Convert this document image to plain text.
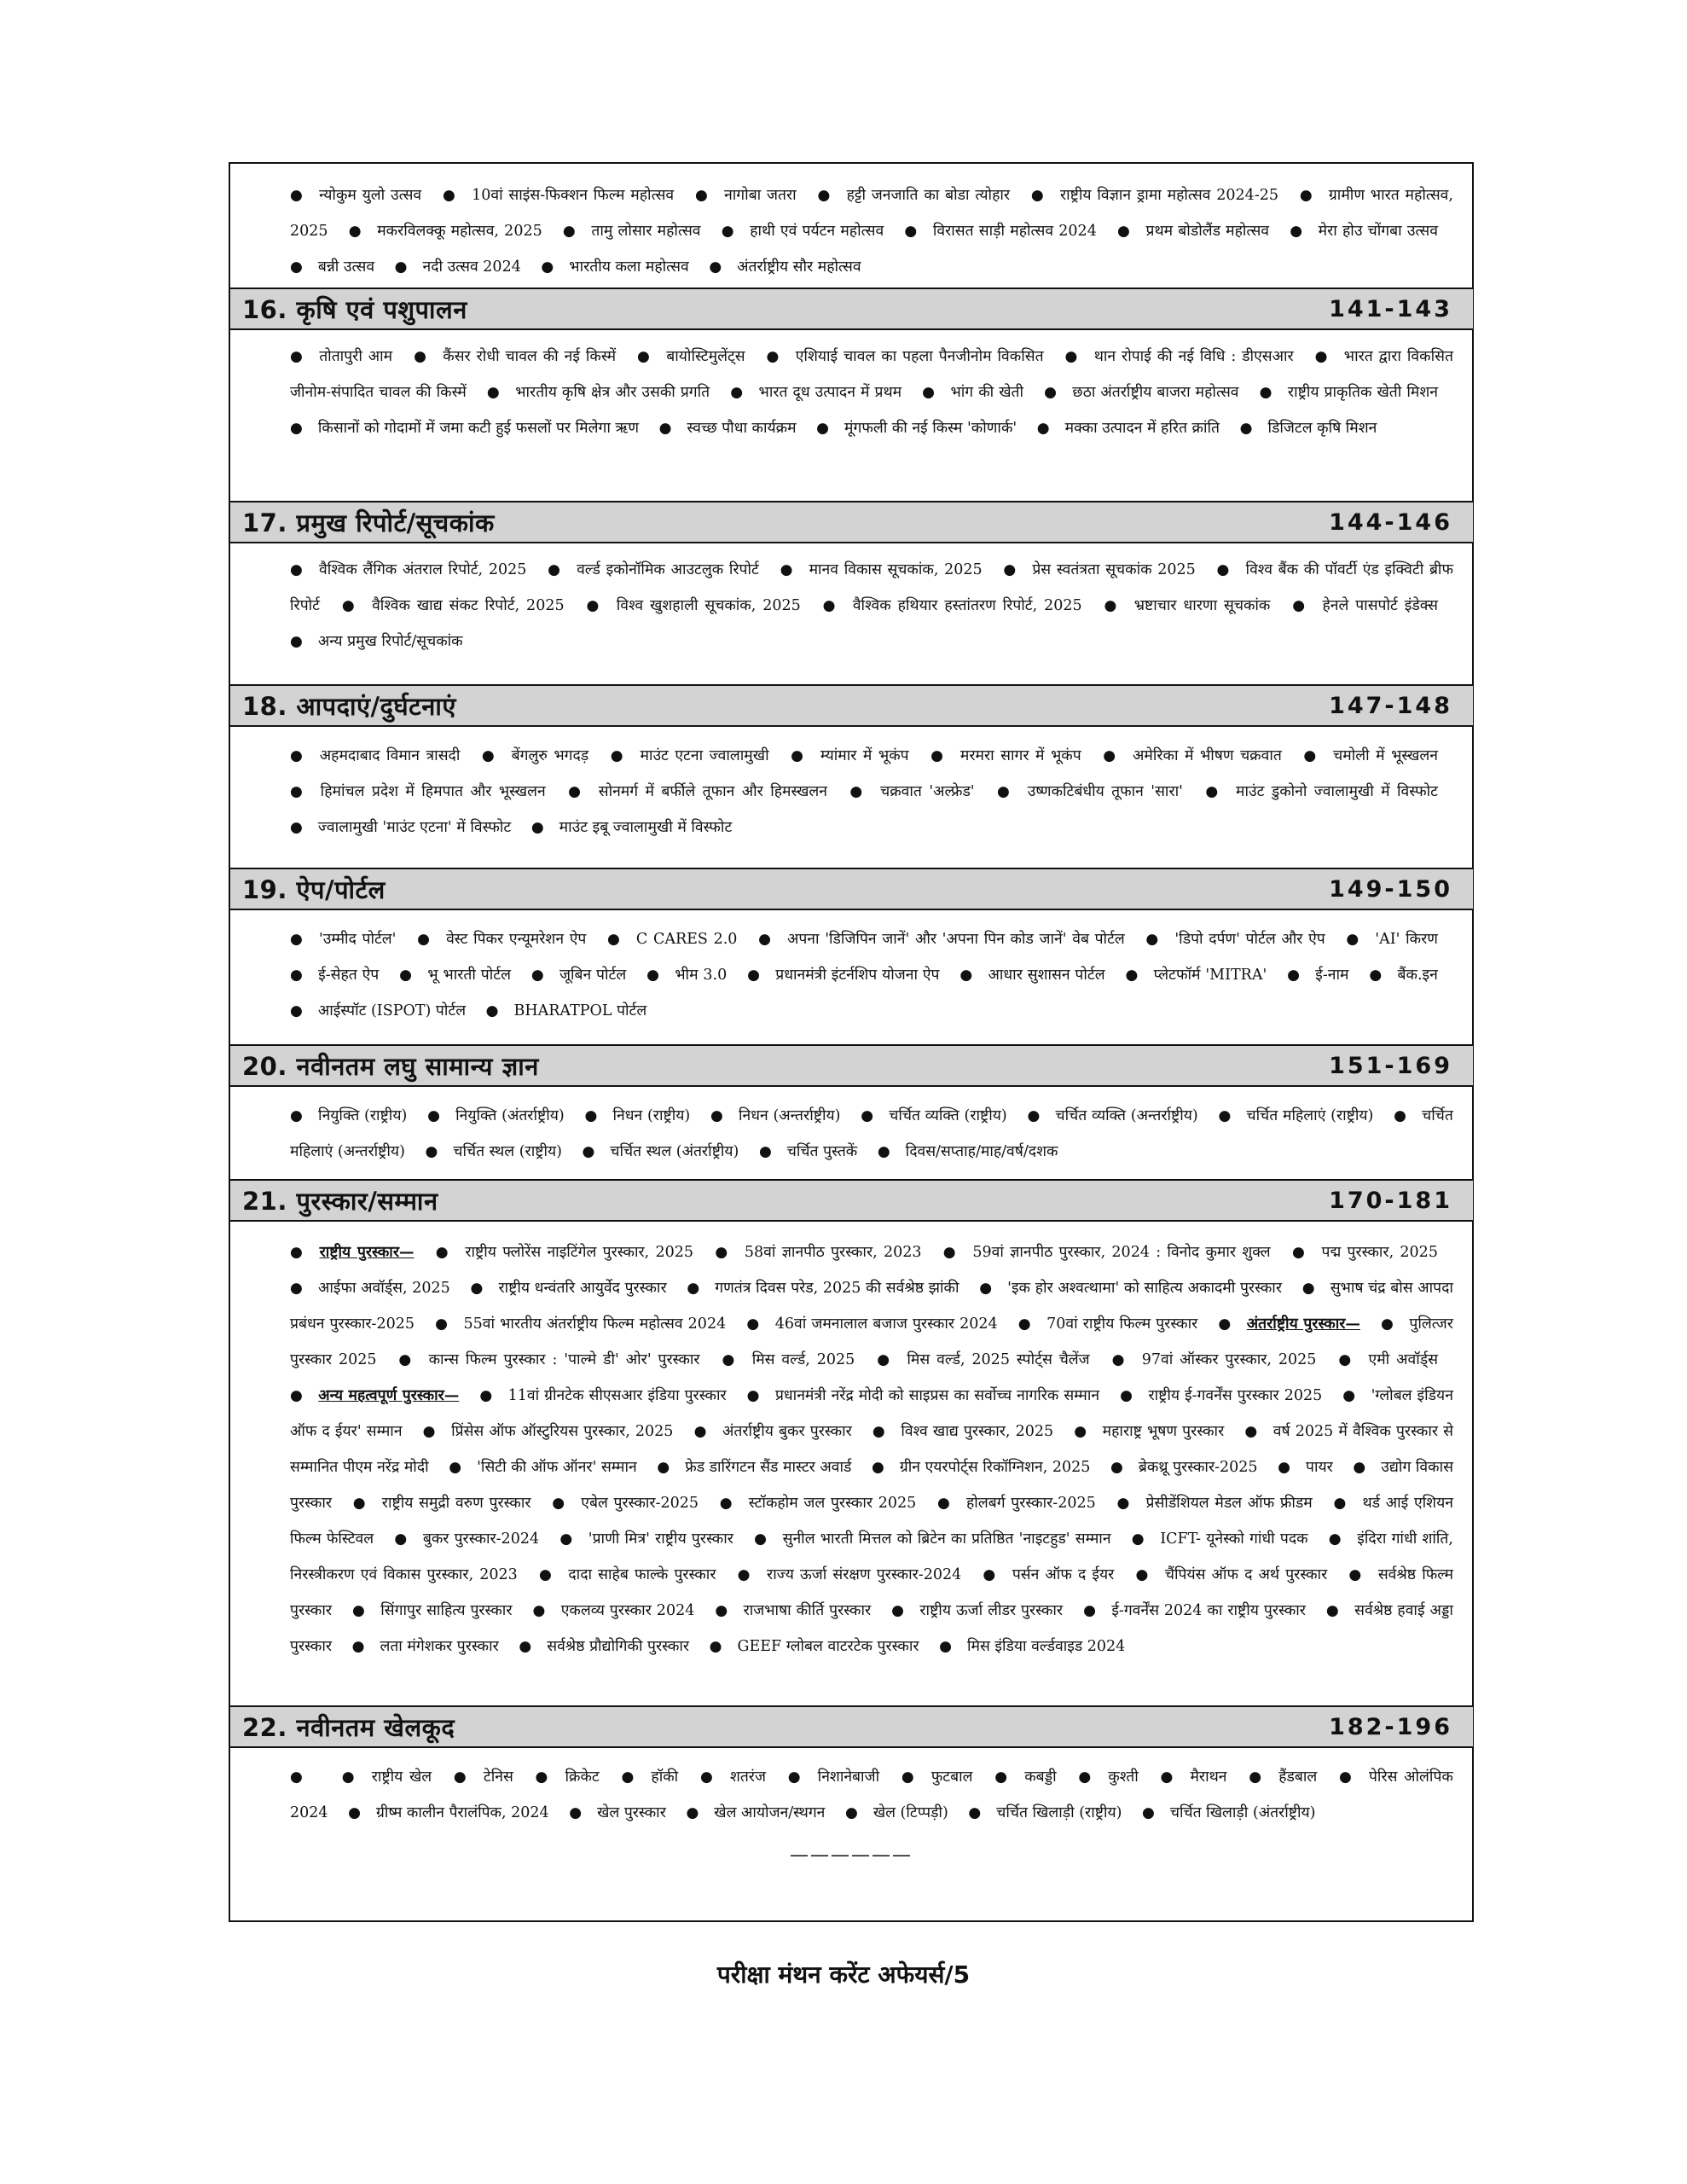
● न्योकुम युलो उत्सव ● 10वां साइंस-फिक्शन फिल्म महोत्सव ● नागोबा जतरा ● हट्टी जनजाति का बोडा त्योहार ● राष्ट्रीय विज्ञान ड्रामा महोत्सव 2024-25 ● ग्रामीण भारत महोत्सव, 2025 ● मकरविलक्कू महोत्सव, 2025 ● तामु लोसार महोत्सव ● हाथी एवं पर्यटन महोत्सव ● विरासत साड़ी महोत्सव 2024 ● प्रथम बोडोलैंड महोत्सव ● मेरा होउ चोंगबा उत्सव ● बन्नी उत्सव ● नदी उत्सव 2024 ● भारतीय कला महोत्सव ● अंतर्राष्ट्रीय सौर महोत्सव

16. कृषि एवं पशुपालन	141-143

● तोतापुरी आम ● कैंसर रोधी चावल की नई किस्में ● बायोस्टिमुलेंट्स ● एशियाई चावल का पहला पैनजीनोम विकसित ● थान रोपाई की नई विधि : डीएसआर ● भारत द्वारा विकसित जीनोम-संपादित चावल की किस्में ● भारतीय कृषि क्षेत्र और उसकी प्रगति ● भारत दूध उत्पादन में प्रथम ● भांग की खेती ● छठा अंतर्राष्ट्रीय बाजरा महोत्सव ● राष्ट्रीय प्राकृतिक खेती मिशन ● किसानों को गोदामों में जमा कटी हुई फसलों पर मिलेगा ऋण ● स्वच्छ पौधा कार्यक्रम ● मूंगफली की नई किस्म 'कोणार्क' ● मक्का उत्पादन में हरित क्रांति ● डिजिटल कृषि मिशन

17. प्रमुख रिपोर्ट/सूचकांक	144-146

● वैश्विक लैंगिक अंतराल रिपोर्ट, 2025 ● वर्ल्ड इकोनॉमिक आउटलुक रिपोर्ट ● मानव विकास सूचकांक, 2025 ● प्रेस स्वतंत्रता सूचकांक 2025 ● विश्व बैंक की पॉवर्टी एंड इक्विटी ब्रीफ रिपोर्ट ● वैश्विक खाद्य संकट रिपोर्ट, 2025 ● विश्व खुशहाली सूचकांक, 2025 ● वैश्विक हथियार हस्तांतरण रिपोर्ट, 2025 ● भ्रष्टाचार धारणा सूचकांक ● हेनले पासपोर्ट इंडेक्स ● अन्य प्रमुख रिपोर्ट/सूचकांक

18. आपदाएं/दुर्घटनाएं	147-148

● अहमदाबाद विमान त्रासदी ● बेंगलुरु भगदड़ ● माउंट एटना ज्वालामुखी ● म्यांमार में भूकंप ● मरमरा सागर में भूकंप ● अमेरिका में भीषण चक्रवात ● चमोली में भूस्खलन ● हिमांचल प्रदेश में हिमपात और भूस्खलन ● सोनमर्ग में बर्फीले तूफान और हिमस्खलन ● चक्रवात 'अल्फ्रेड' ● उष्णकटिबंधीय तूफान 'सारा' ● माउंट डुकोनो ज्वालामुखी में विस्फोट ● ज्वालामुखी 'माउंट एटना' में विस्फोट ● माउंट इबू ज्वालामुखी में विस्फोट

19. ऐप/पोर्टल	149-150

● 'उम्मीद पोर्टल' ● वेस्ट पिकर एन्यूमरेशन ऐप ● C CARES 2.0 ● अपना 'डिजिपिन जानें' और 'अपना पिन कोड जानें' वेब पोर्टल ● 'डिपो दर्पण' पोर्टल और ऐप ● 'AI' किरण ● ई-सेहत ऐप ● भू भारती पोर्टल ● जूबिन पोर्टल ● भीम 3.0 ● प्रधानमंत्री इंटर्नशिप योजना ऐप ● आधार सुशासन पोर्टल ● प्लेटफॉर्म 'MITRA' ● ई-नाम ● बैंक.इन ● आईस्पॉट (ISPOT) पोर्टल ● BHARATPOL पोर्टल

20. नवीनतम लघु सामान्य ज्ञान	151-169

● नियुक्ति (राष्ट्रीय) ● नियुक्ति (अंतर्राष्ट्रीय) ● निधन (राष्ट्रीय) ● निधन (अन्तर्राष्ट्रीय) ● चर्चित व्यक्ति (राष्ट्रीय) ● चर्चित व्यक्ति (अन्तर्राष्ट्रीय) ● चर्चित महिलाएं (राष्ट्रीय) ● चर्चित महिलाएं (अन्तर्राष्ट्रीय) ● चर्चित स्थल (राष्ट्रीय) ● चर्चित स्थल (अंतर्राष्ट्रीय) ● चर्चित पुस्तकें ● दिवस/सप्ताह/माह/वर्ष/दशक

21. पुरस्कार/सम्मान	170-181

● राष्ट्रीय पुरस्कार— ● राष्ट्रीय फ्लोरेंस नाइटिंगेल पुरस्कार, 2025 ● 58वां ज्ञानपीठ पुरस्कार, 2023 ● 59वां ज्ञानपीठ पुरस्कार, 2024 : विनोद कुमार शुक्ल ● पद्म पुरस्कार, 2025 ● आईफा अवॉर्ड्स, 2025 ● राष्ट्रीय धन्वंतरि आयुर्वेद पुरस्कार ● गणतंत्र दिवस परेड, 2025 की सर्वश्रेष्ठ झांकी ● 'इक होर अश्वत्थामा' को साहित्य अकादमी पुरस्कार ● सुभाष चंद्र बोस आपदा प्रबंधन पुरस्कार-2025 ● 55वां भारतीय अंतर्राष्ट्रीय फिल्म महोत्सव 2024 ● 46वां जमनालाल बजाज पुरस्कार 2024 ● 70वां राष्ट्रीय फिल्म पुरस्कार ● अंतर्राष्ट्रीय पुरस्कार— ● पुलित्जर पुरस्कार 2025 ● कान्स फिल्म पुरस्कार : 'पाल्मे डी' ओर' पुरस्कार ● मिस वर्ल्ड, 2025 ● मिस वर्ल्ड, 2025 स्पोर्ट्स चैलेंज ● 97वां ऑस्कर पुरस्कार, 2025 ● एमी अवॉर्ड्स ● अन्य महत्वपूर्ण पुरस्कार— ● 11वां ग्रीनटेक सीएसआर इंडिया पुरस्कार ● प्रधानमंत्री नरेंद्र मोदी को साइप्रस का सर्वोच्च नागरिक सम्मान ● राष्ट्रीय ई-गवर्नेंस पुरस्कार 2025 ● 'ग्लोबल इंडियन ऑफ द ईयर' सम्मान ● प्रिंसेस ऑफ ऑस्टुरियस पुरस्कार, 2025 ● अंतर्राष्ट्रीय बुकर पुरस्कार ● विश्व खाद्य पुरस्कार, 2025 ● महाराष्ट्र भूषण पुरस्कार ● वर्ष 2025 में वैश्विक पुरस्कार से सम्मानित पीएम नरेंद्र मोदी ● 'सिटी की ऑफ ऑनर' सम्मान ● फ्रेड डारिंगटन सैंड मास्टर अवार्ड ● ग्रीन एयरपोर्ट्स रिकॉग्निशन, 2025 ● ब्रेकथ्रू पुरस्कार-2025 ● पायर ● उद्योग विकास पुरस्कार ● राष्ट्रीय समुद्री वरुण पुरस्कार ● एबेल पुरस्कार-2025 ● स्टॉकहोम जल पुरस्कार 2025 ● होलबर्ग पुरस्कार-2025 ● प्रेसीडेंशियल मेडल ऑफ फ्रीडम ● थर्ड आई एशियन फिल्म फेस्टिवल ● बुकर पुरस्कार-2024 ● 'प्राणी मित्र' राष्ट्रीय पुरस्कार ● सुनील भारती मित्तल को ब्रिटेन का प्रतिष्ठित 'नाइटहुड' सम्मान ● ICFT- यूनेस्को गांधी पदक ● इंदिरा गांधी शांति, निरस्त्रीकरण एवं विकास पुरस्कार, 2023 ● दादा साहेब फाल्के पुरस्कार ● राज्य ऊर्जा संरक्षण पुरस्कार-2024 ● पर्सन ऑफ द ईयर ● चैंपियंस ऑफ द अर्थ पुरस्कार ● सर्वश्रेष्ठ फिल्म पुरस्कार ● सिंगापुर साहित्य पुरस्कार ● एकलव्य पुरस्कार 2024 ● राजभाषा कीर्ति पुरस्कार ● राष्ट्रीय ऊर्जा लीडर पुरस्कार ● ई-गवर्नेंस 2024 का राष्ट्रीय पुरस्कार ● सर्वश्रेष्ठ हवाई अड्डा पुरस्कार ● लता मंगेशकर पुरस्कार ● सर्वश्रेष्ठ प्रौद्योगिकी पुरस्कार ● GEEF ग्लोबल वाटरटेक पुरस्कार ● मिस इंडिया वर्ल्डवाइड 2024

22. नवीनतम खेलकूद	182-196

●	● राष्ट्रीय खेल ● टेनिस ● क्रिकेट ● हॉकी ● शतरंज ● निशानेबाजी ● फुटबाल ● कबड्डी ● कुश्ती ● मैराथन ● हैंडबाल ● पेरिस ओलंपिक 2024 ● ग्रीष्म कालीन पैरालंपिक, 2024 ● खेल पुरस्कार ● खेल आयोजन/स्थगन ● खेल (टिप्पड़ी) ● चर्चित खिलाड़ी (राष्ट्रीय) ● चर्चित खिलाड़ी (अंतर्राष्ट्रीय)

——————
परीक्षा मंथन करेंट अफेयर्स/5
